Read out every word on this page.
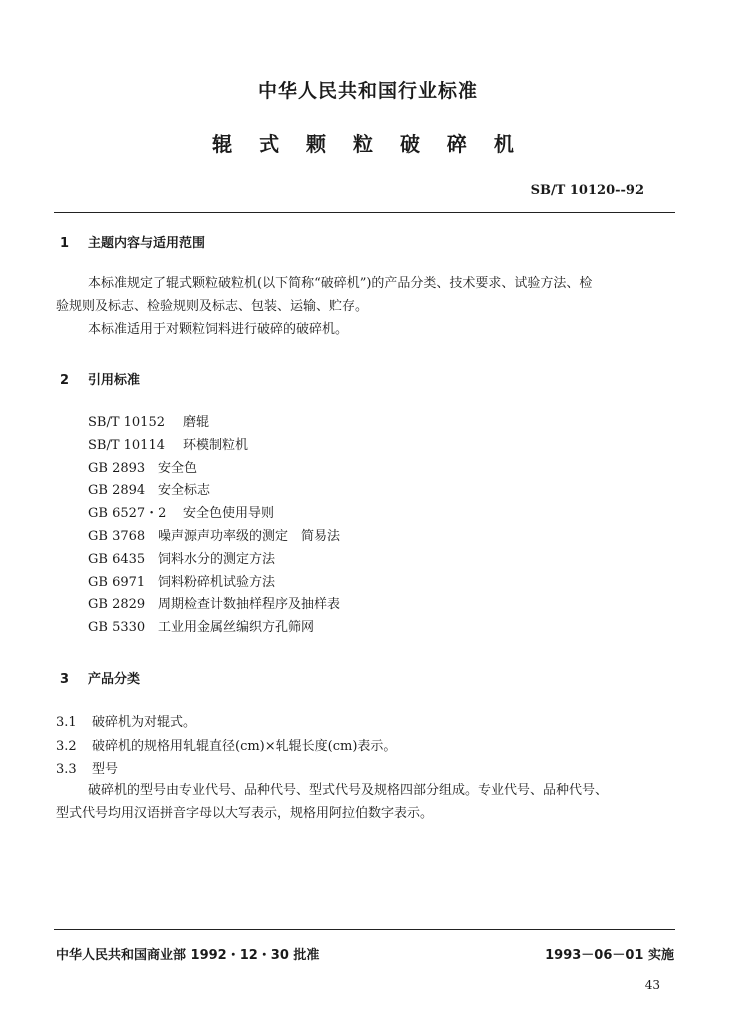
中华人民共和国行业标准
辊 式 颗 粒 破 碎 机
SB/T 10120--92
1 主题内容与适用范围
本标准规定了辊式颗粒破粒机(以下简称“破碎机”)的产品分类、技术要求、试验方法、检
验规则及标志、检验规则及标志、包装、运输、贮存。
本标准适用于对颗粒饲料进行破碎的破碎机。
2 引用标准
SB/T 10152 磨辊
SB/T 10114 环模制粒机
GB 2893 安全色
GB 2894 安全标志
GB 6527・2 安全色使用导则
GB 3768 噪声源声功率级的测定　简易法
GB 6435 饲料水分的测定方法
GB 6971 饲料粉碎机试验方法
GB 2829 周期检查计数抽样程序及抽样表
GB 5330 工业用金属丝编织方孔筛网
3 产品分类
3.1 破碎机为对辊式。
3.2 破碎机的规格用轧辊直径(cm)×轧辊长度(cm)表示。
3.3 型号
破碎机的型号由专业代号、品种代号、型式代号及规格四部分组成。专业代号、品种代号、
型式代号均用汉语拼音字母以大写表示，规格用阿拉伯数字表示。
中华人民共和国商业部 1992・12・30 批准	1993－06－01 实施
43
